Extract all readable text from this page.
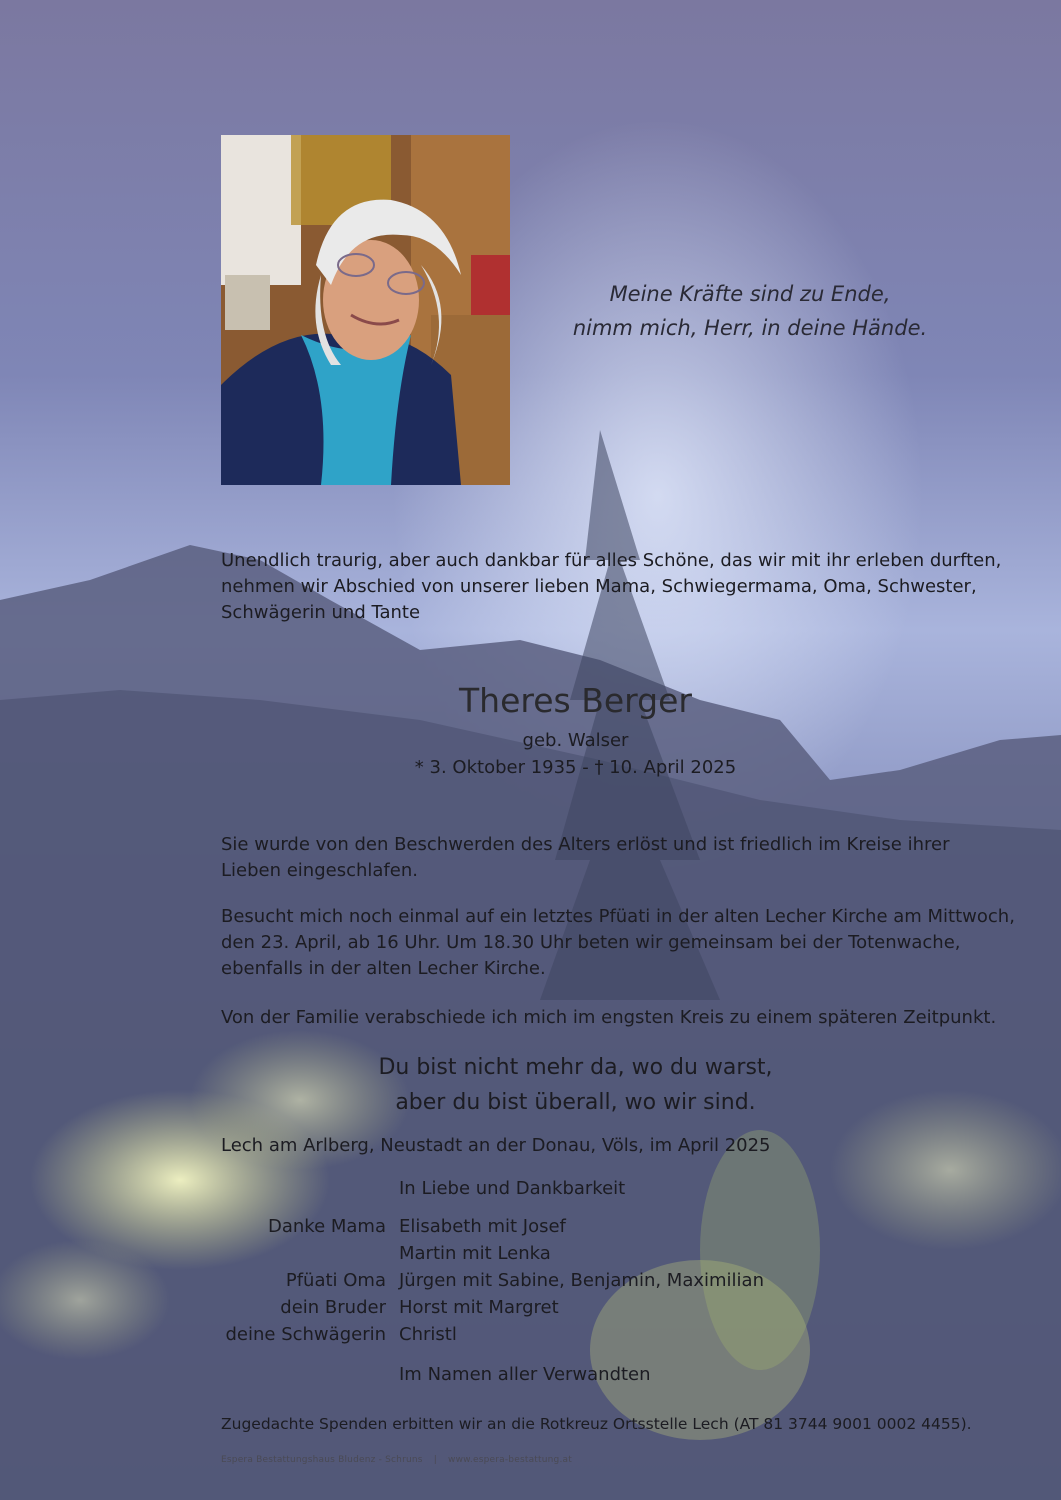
Meine Kräfte sind zu Ende,
nimm mich, Herr, in deine Hände.
Unendlich traurig, aber auch dankbar für alles Schöne, das wir mit ihr erleben durften,
nehmen wir Abschied von unserer lieben Mama, Schwiegermama, Oma, Schwester,
Schwägerin und Tante
Theres Berger
geb. Walser
* 3. Oktober 1935 - † 10. April 2025
Sie wurde von den Beschwerden des Alters erlöst und ist friedlich im Kreise ihrer
Lieben eingeschlafen.
Besucht mich noch einmal auf ein letztes Pfüati in der alten Lecher Kirche am Mittwoch,
den 23. April, ab 16 Uhr. Um 18.30 Uhr beten wir gemeinsam bei der Totenwache,
ebenfalls in der alten Lecher Kirche.
Von der Familie verabschiede ich mich im engsten Kreis zu einem späteren Zeitpunkt.
Du bist nicht mehr da, wo du warst,
aber du bist überall, wo wir sind.
Lech am Arlberg, Neustadt an der Donau, Völs, im April 2025
In Liebe und Dankbarkeit
Danke Mama Elisabeth mit Josef
Martin mit Lenka
Pfüati Oma Jürgen mit Sabine, Benjamin, Maximilian
dein Bruder Horst mit Margret
deine Schwägerin Christl
Im Namen aller Verwandten
Zugedachte Spenden erbitten wir an die Rotkreuz Ortsstelle Lech (AT 81 3744 9001 0002 4455).
Espera Bestattungshaus Bludenz - Schruns | www.espera-bestattung.at
